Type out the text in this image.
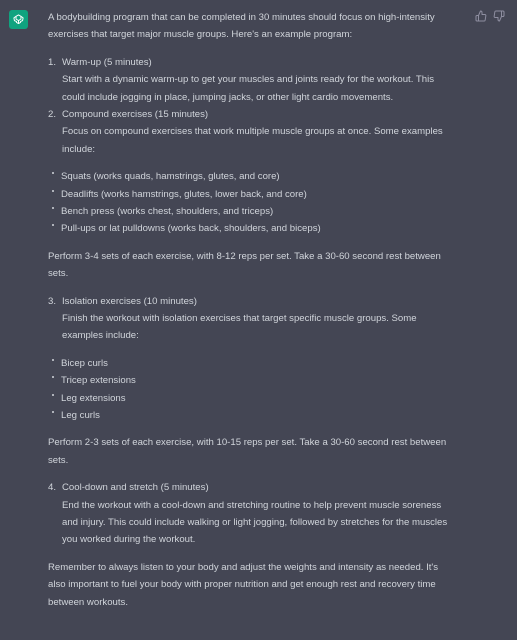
A bodybuilding program that can be completed in 30 minutes should focus on high-intensity exercises that target major muscle groups. Here's an example program:

1. Warm-up (5 minutes)
Start with a dynamic warm-up to get your muscles and joints ready for the workout. This could include jogging in place, jumping jacks, or other light cardio movements.
2. Compound exercises (15 minutes)
Focus on compound exercises that work multiple muscle groups at once. Some examples include:
Squats (works quads, hamstrings, glutes, and core)
Deadlifts (works hamstrings, glutes, lower back, and core)
Bench press (works chest, shoulders, and triceps)
Pull-ups or lat pulldowns (works back, shoulders, and biceps)

Perform 3-4 sets of each exercise, with 8-12 reps per set. Take a 30-60 second rest between sets.

3. Isolation exercises (10 minutes)
Finish the workout with isolation exercises that target specific muscle groups. Some examples include:
Bicep curls
Tricep extensions
Leg extensions
Leg curls

Perform 2-3 sets of each exercise, with 10-15 reps per set. Take a 30-60 second rest between sets.

4. Cool-down and stretch (5 minutes)
End the workout with a cool-down and stretching routine to help prevent muscle soreness and injury. This could include walking or light jogging, followed by stretches for the muscles you worked during the workout.

Remember to always listen to your body and adjust the weights and intensity as needed. It's also important to fuel your body with proper nutrition and get enough rest and recovery time between workouts.
